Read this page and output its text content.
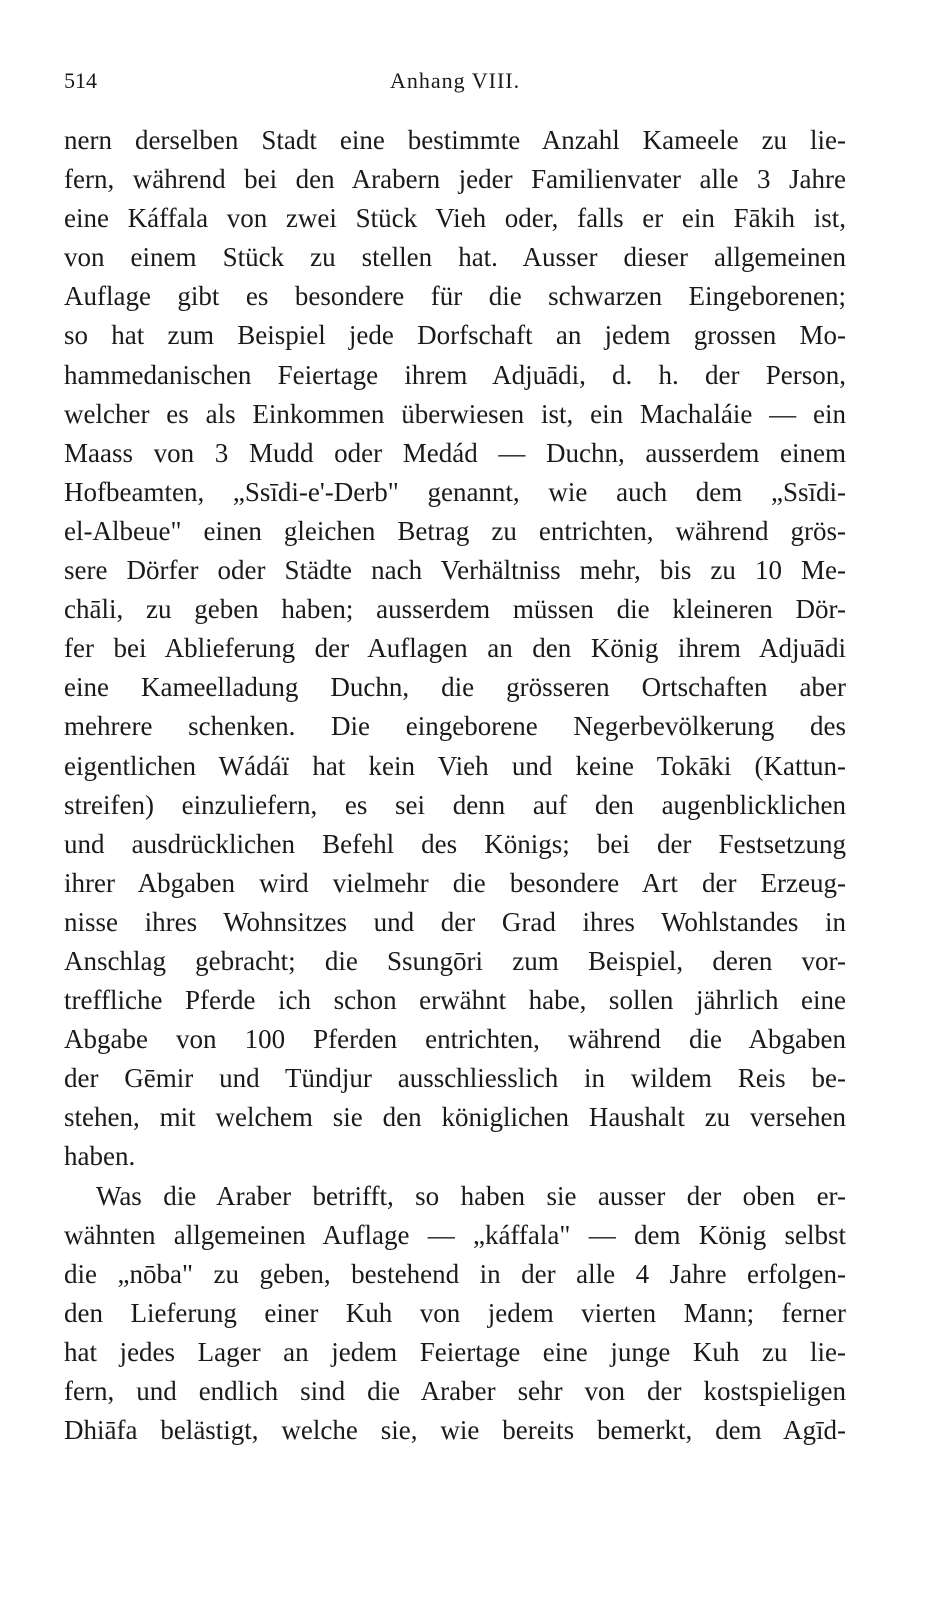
514	Anhang VIII.
nern derselben Stadt eine bestimmte Anzahl Kameele zu lie-
fern, während bei den Arabern jeder Familienvater alle 3 Jahre
eine Káffala von zwei Stück Vieh oder, falls er ein Fākih ist,
von einem Stück zu stellen hat. Ausser dieser allgemeinen
Auflage gibt es besondere für die schwarzen Eingeborenen;
so hat zum Beispiel jede Dorfschaft an jedem grossen Mo-
hammedanischen Feiertage ihrem Adjuādi, d. h. der Person,
welcher es als Einkommen überwiesen ist, ein Machaláie — ein
Maass von 3 Mudd oder Medád — Duchn, ausserdem einem
Hofbeamten, „Ssīdi-e'-Derb" genannt, wie auch dem „Ssīdi-
el-Albeue" einen gleichen Betrag zu entrichten, während grös-
sere Dörfer oder Städte nach Verhältniss mehr, bis zu 10 Me-
chāli, zu geben haben; ausserdem müssen die kleineren Dör-
fer bei Ablieferung der Auflagen an den König ihrem Adjuādi
eine Kameelladung Duchn, die grösseren Ortschaften aber
mehrere schenken. Die eingeborene Negerbevölkerung des
eigentlichen Wádáï hat kein Vieh und keine Tokāki (Kattun-
streifen) einzuliefern, es sei denn auf den augenblicklichen
und ausdrücklichen Befehl des Königs; bei der Festsetzung
ihrer Abgaben wird vielmehr die besondere Art der Erzeug-
nisse ihres Wohnsitzes und der Grad ihres Wohlstandes in
Anschlag gebracht; die Ssungōri zum Beispiel, deren vor-
treffliche Pferde ich schon erwähnt habe, sollen jährlich eine
Abgabe von 100 Pferden entrichten, während die Abgaben
der Gēmir und Tündjur ausschliesslich in wildem Reis be-
stehen, mit welchem sie den königlichen Haushalt zu versehen
haben.
Was die Araber betrifft, so haben sie ausser der oben er-
wähnten allgemeinen Auflage — „káffala" — dem König selbst
die „nōba" zu geben, bestehend in der alle 4 Jahre erfolgen-
den Lieferung einer Kuh von jedem vierten Mann; ferner
hat jedes Lager an jedem Feiertage eine junge Kuh zu lie-
fern, und endlich sind die Araber sehr von der kostspieligen
Dhiāfa belästigt, welche sie, wie bereits bemerkt, dem Agīd-
